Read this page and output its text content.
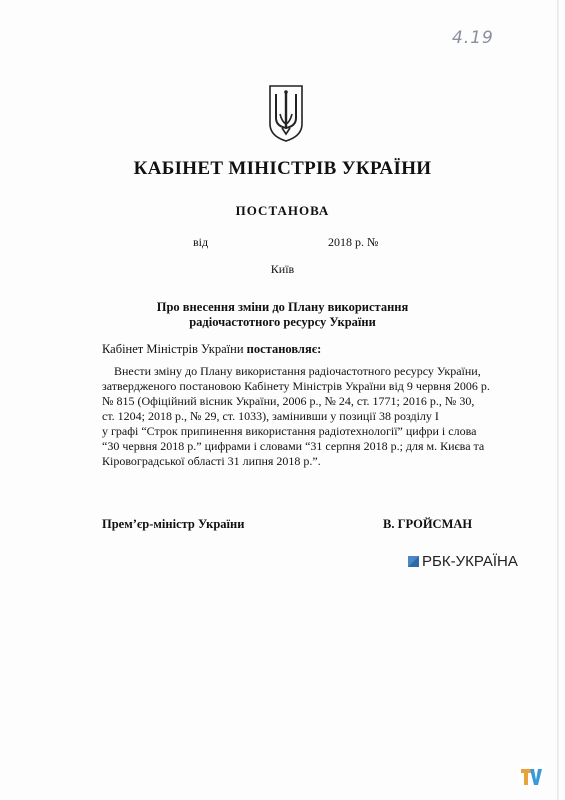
4.19
КАБІНЕТ МІНІСТРІВ УКРАЇНИ
ПОСТАНОВА
від	2018 р. №
Київ
Про внесення зміни до Плану використання
радіочастотного ресурсу України
Кабінет Міністрів України постановляє:
Внести зміну до Плану використання радіочастотного ресурсу України,
затвердженого постановою Кабінету Міністрів України від 9 червня 2006 р.
№ 815 (Офіційний вісник України, 2006 р., № 24, ст. 1771; 2016 р., № 30,
ст. 1204; 2018 р., № 29, ст. 1033), замінивши у позиції 38 розділу І
у графі “Строк припинення використання радіотехнології” цифри і слова
“30 червня 2018 р.” цифрами і словами “31 серпня 2018 р.; для м. Києва та
Кіровоградської області 31 липня 2018 р.”.
Прем’єр-міністр України	В. ГРОЙСМАН
РБК-УКРАЇНА
